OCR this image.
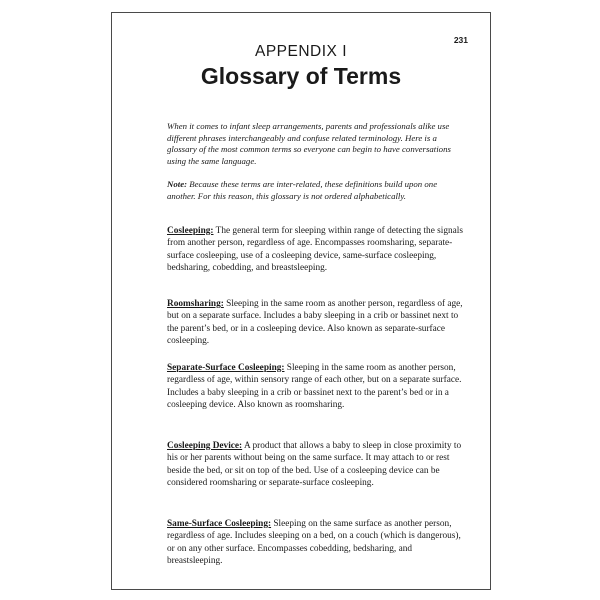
231
APPENDIX I
Glossary of Terms

When it comes to infant sleep arrangements, parents and professionals alike use different phrases interchangeably and confuse related terminology. Here is a glossary of the most common terms so everyone can begin to have conversations using the same language.

Note: Because these terms are inter-related, these definitions build upon one another. For this reason, this glossary is not ordered alphabetically.

Cosleeping: The general term for sleeping within range of detecting the signals from another person, regardless of age. Encompasses roomsharing, separate-surface cosleeping, use of a cosleeping device, same-surface cosleeping, bedsharing, cobedding, and breastsleeping.

Roomsharing: Sleeping in the same room as another person, regardless of age, but on a separate surface. Includes a baby sleeping in a crib or bassinet next to the parent’s bed, or in a cosleeping device. Also known as separate-surface cosleeping.

Separate-Surface Cosleeping: Sleeping in the same room as another person, regardless of age, within sensory range of each other, but on a separate surface. Includes a baby sleeping in a crib or bassinet next to the parent’s bed or in a cosleeping device. Also known as roomsharing.

Cosleeping Device: A product that allows a baby to sleep in close proximity to his or her parents without being on the same surface. It may attach to or rest beside the bed, or sit on top of the bed. Use of a cosleeping device can be considered roomsharing or separate-surface cosleeping.

Same-Surface Cosleeping: Sleeping on the same surface as another person, regardless of age. Includes sleeping on a bed, on a couch (which is dangerous), or on any other surface. Encompasses cobedding, bedsharing, and breastsleeping.
